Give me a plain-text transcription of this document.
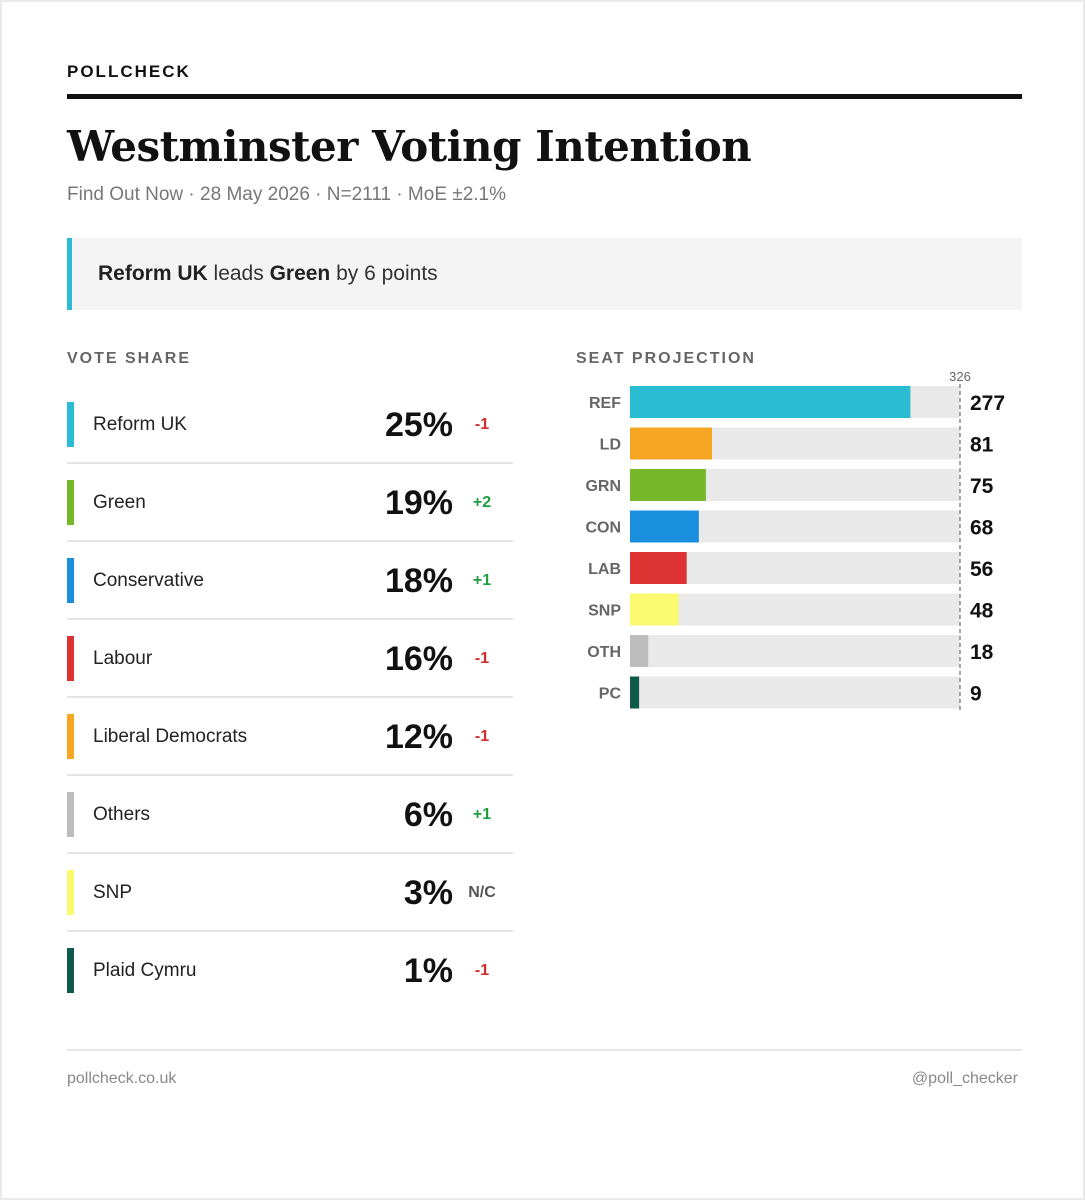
POLLCHECK
Westminster Voting Intention
Find Out Now · 28 May 2026 · N=2111 · MoE ±2.1%
Reform UK leads Green by 6 points
VOTE SHARE	SEAT PROJECTION
Reform UK	25%	-1
Green	19%	+2
Conservative	18%	+1
Labour	16%	-1
Liberal Democrats	12%	-1
Others	6%	+1
SNP	3% N/C
Plaid Cymru	1%	-1
REF	277
LD	81
GRN	75
CON	68
LAB	56
SNP	48
OTH	18
PC	9
326
pollcheck.co.uk	@poll_checker
